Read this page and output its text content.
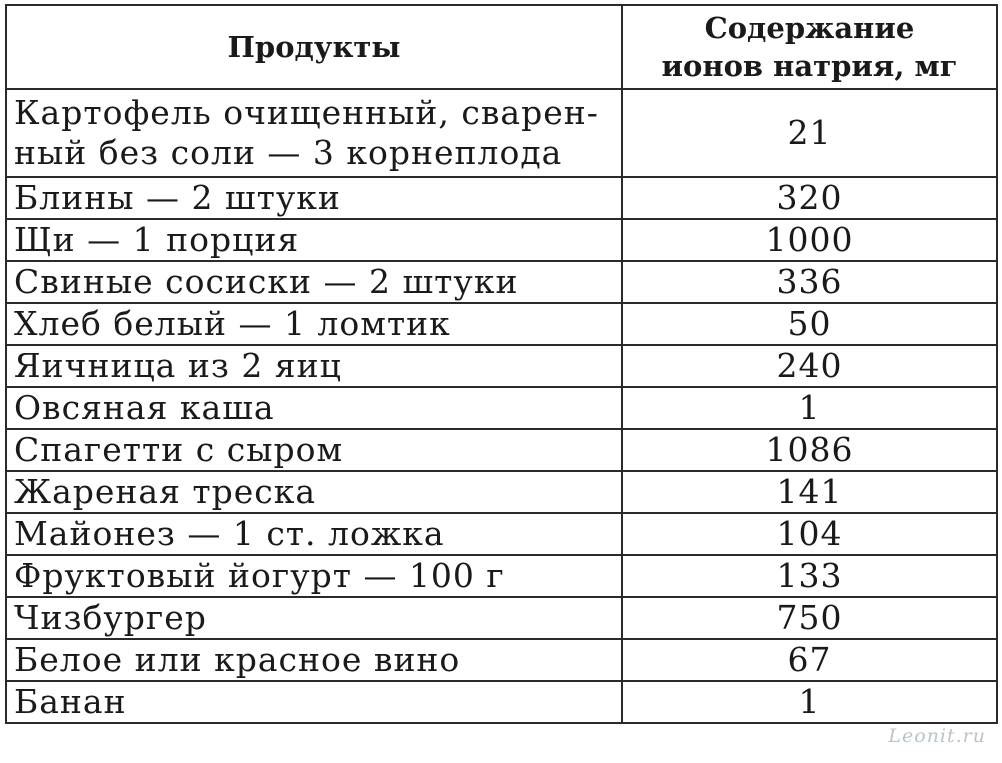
Продукты	Содержание
ионов натрия, мг
Картофель очищенный, сварен-
ный без соли — 3 корнеплода	21
Блины — 2 штуки	320
Щи — 1 порция	1000
Свиные сосиски — 2 штуки	336
Хлеб белый — 1 ломтик	50
Яичница из 2 яиц	240
Овсяная каша	1
Спагетти с сыром	1086
Жареная треска	141
Майонез — 1 ст. ложка	104
Фруктовый йогурт — 100 г	133
Чизбургер	750
Белое или красное вино	67
Банан	1
Leonit.ru
